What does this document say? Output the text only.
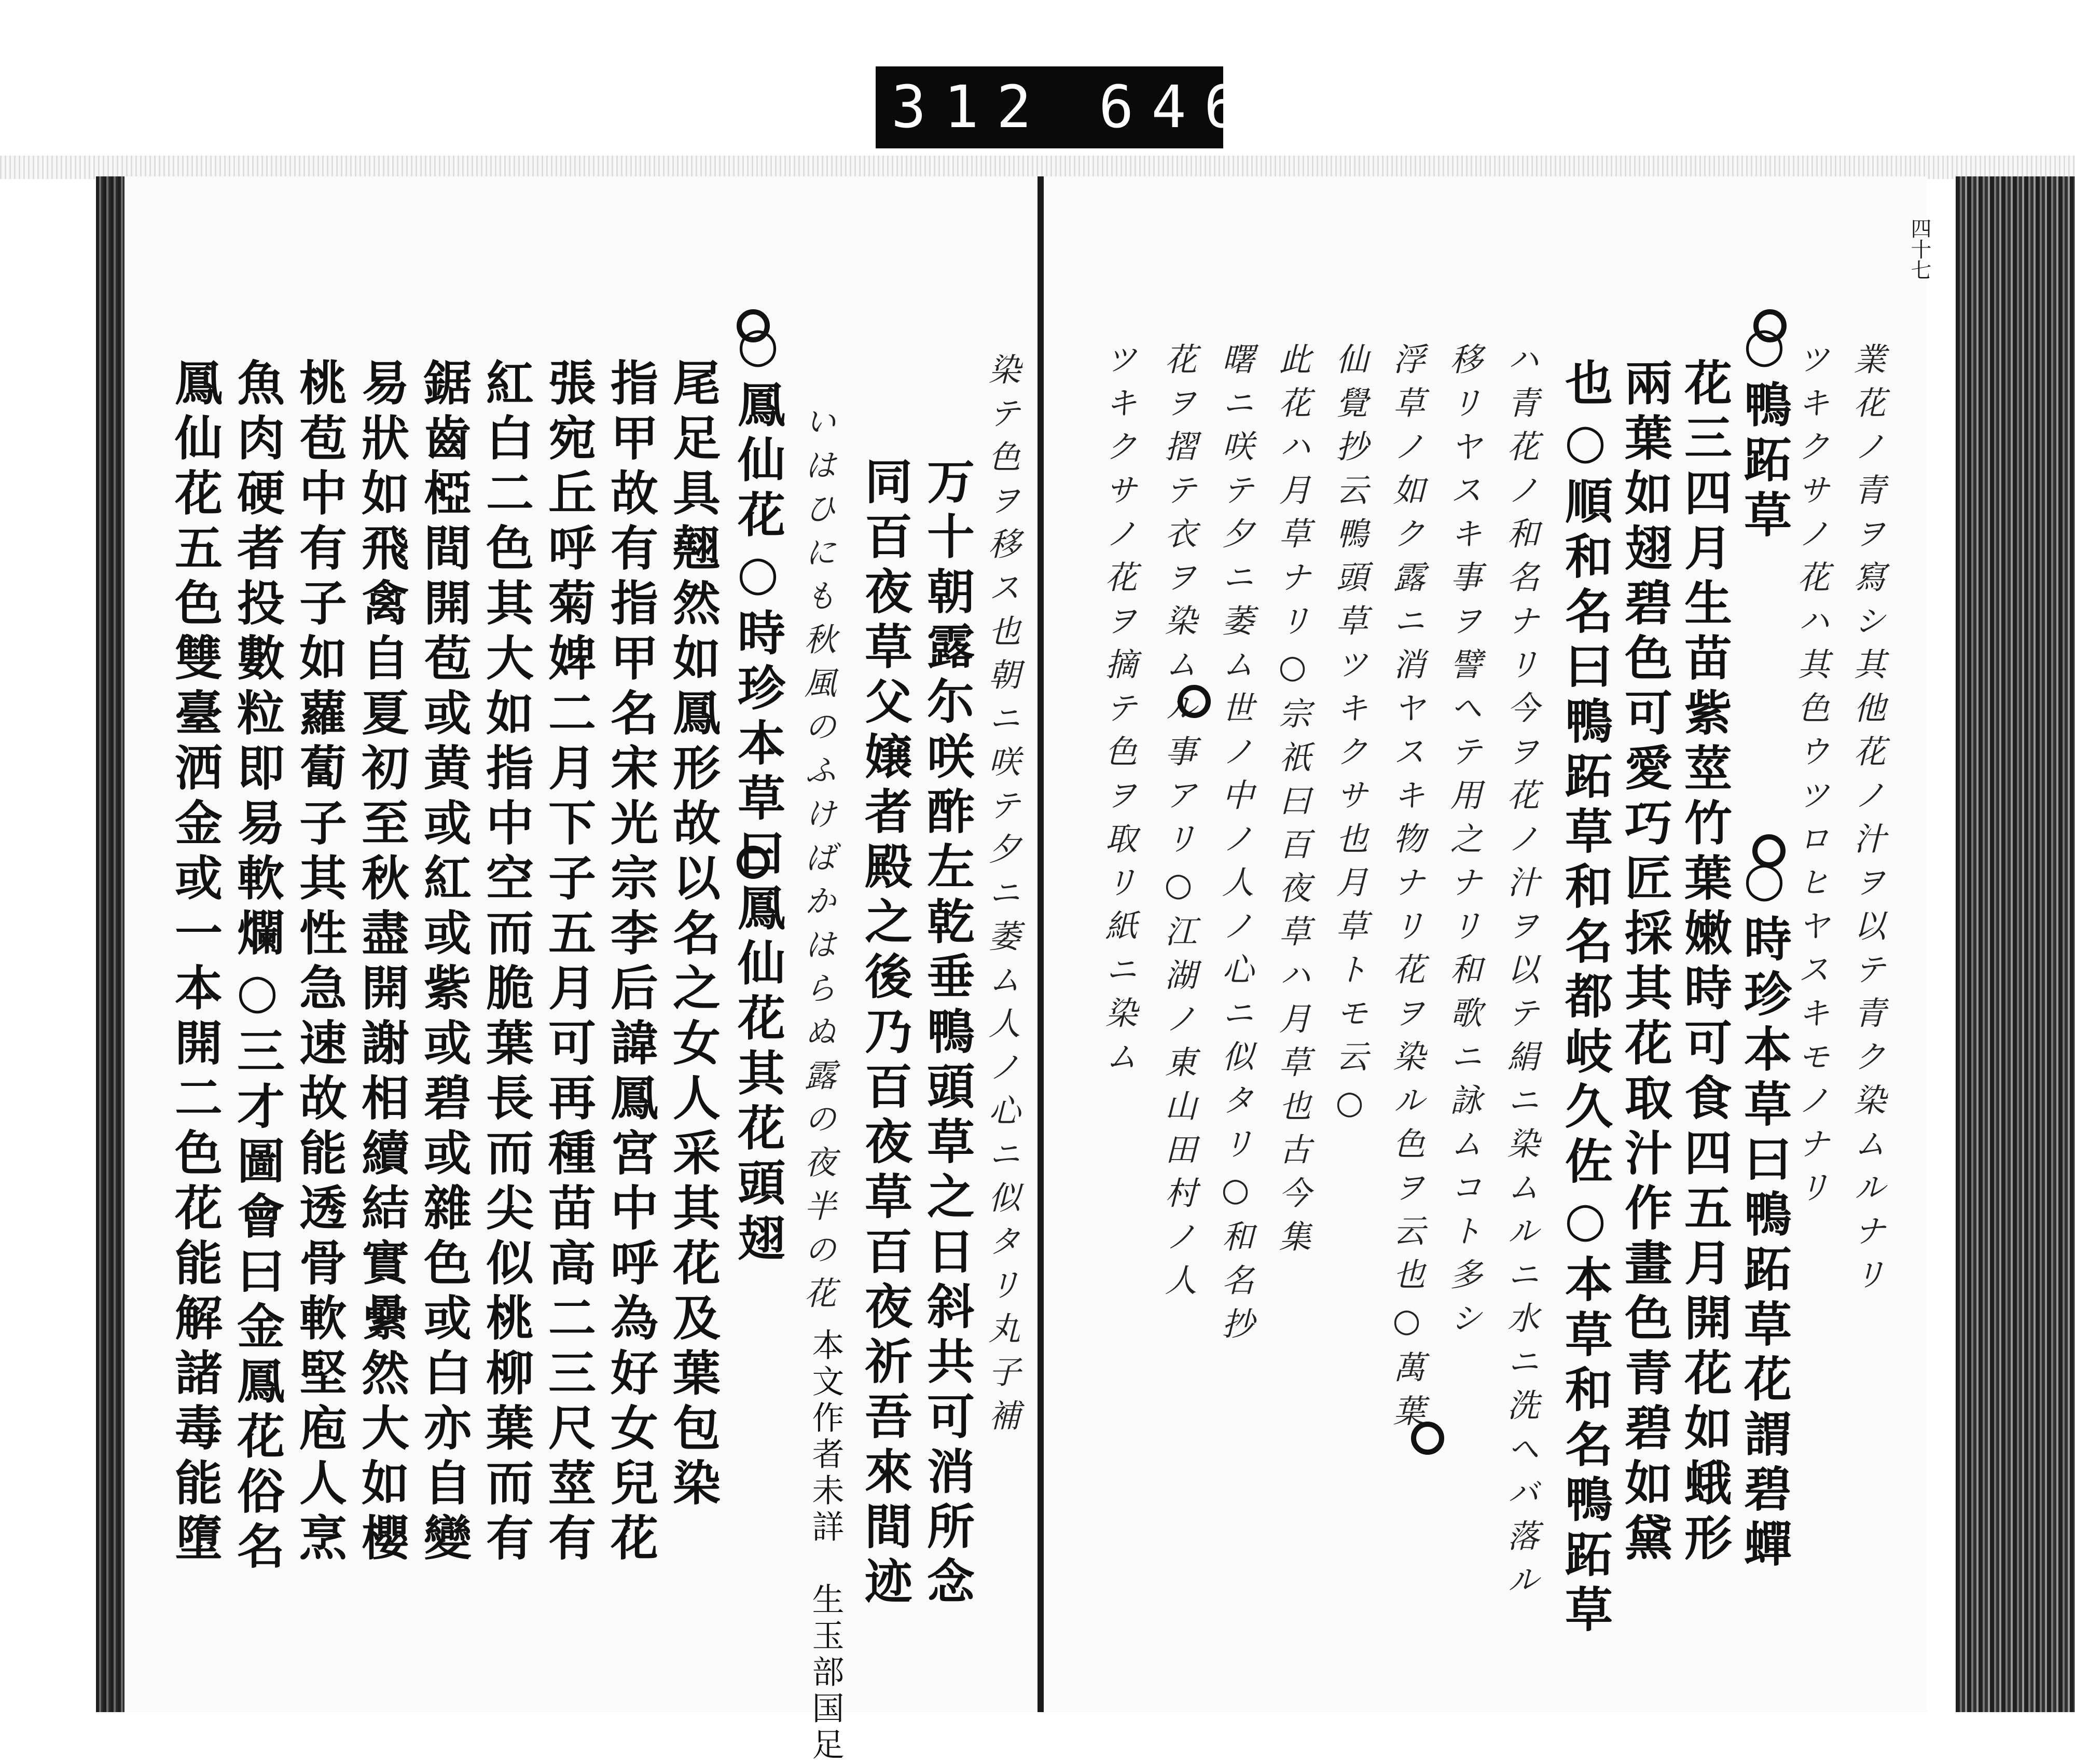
312 646.
四十七
業花ノ青ヲ寫シ其他花ノ汁ヲ以テ青ク染ムルナリ
ツキクサノ花ハ其色ウツロヒヤスキモノナリ
○鴨跖草
○時珍本草曰鴨跖草花謂碧蟬
花三四月生苗紫莖竹葉嫩時可食四五月開花如蛾形
兩葉如翅碧色可愛巧匠採其花取汁作畫色青碧如黛
也○順和名曰鴨跖草和名都岐久佐○本草和名鴨跖草
ハ青花ノ和名ナリ今ヲ花ノ汁ヲ以テ絹ニ染ムルニ水ニ洗ヘバ落ル
移リヤスキ事ヲ譬ヘテ用之ナリ和歌ニ詠ムコト多シ
浮草ノ如ク露ニ消ヤスキ物ナリ花ヲ染ル色ヲ云也○萬葉
仙覺抄云鴨頭草ツキクサ也月草トモ云○
此花ハ月草ナリ○宗祇曰百夜草ハ月草也古今集
曙ニ咲テ夕ニ萎ム世ノ中ノ人ノ心ニ似タリ○和名抄
花ヲ摺テ衣ヲ染ムル事アリ○江湖ノ東山田村ノ人
ツキクサノ花ヲ摘テ色ヲ取リ紙ニ染ム
染テ色ヲ移ス也朝ニ咲テ夕ニ萎ム人ノ心ニ似タリ丸子補
万十朝露尓咲酢左乾垂鴨頭草之日斜共可消所念
同百夜草父嬢者殿之後乃百夜草百夜祈吾來間迹
本文作者未詳　生玉部国足
いはひにも秋風のふけばかはらぬ露の夜半の花
○鳳仙花○時珍本草曰鳳仙花其花頭翅
尾足具翹然如鳳形故以名之女人采其花及葉包染
指甲故有指甲名宋光宗李后諱鳳宮中呼為好女兒花
張宛丘呼菊婢二月下子五月可再種苗高二三尺莖有
紅白二色其大如指中空而脆葉長而尖似桃柳葉而有
鋸齒椏間開苞或黄或紅或紫或碧或雜色或白亦自變
易狀如飛禽自夏初至秋盡開謝相續結實纍然大如櫻
桃苞中有子如蘿蔔子其性急速故能透骨軟堅庖人烹
魚肉硬者投數粒即易軟爛○三才圖會曰金鳳花俗名
鳳仙花五色雙臺洒金或一本開二色花能解諸毒能墮
